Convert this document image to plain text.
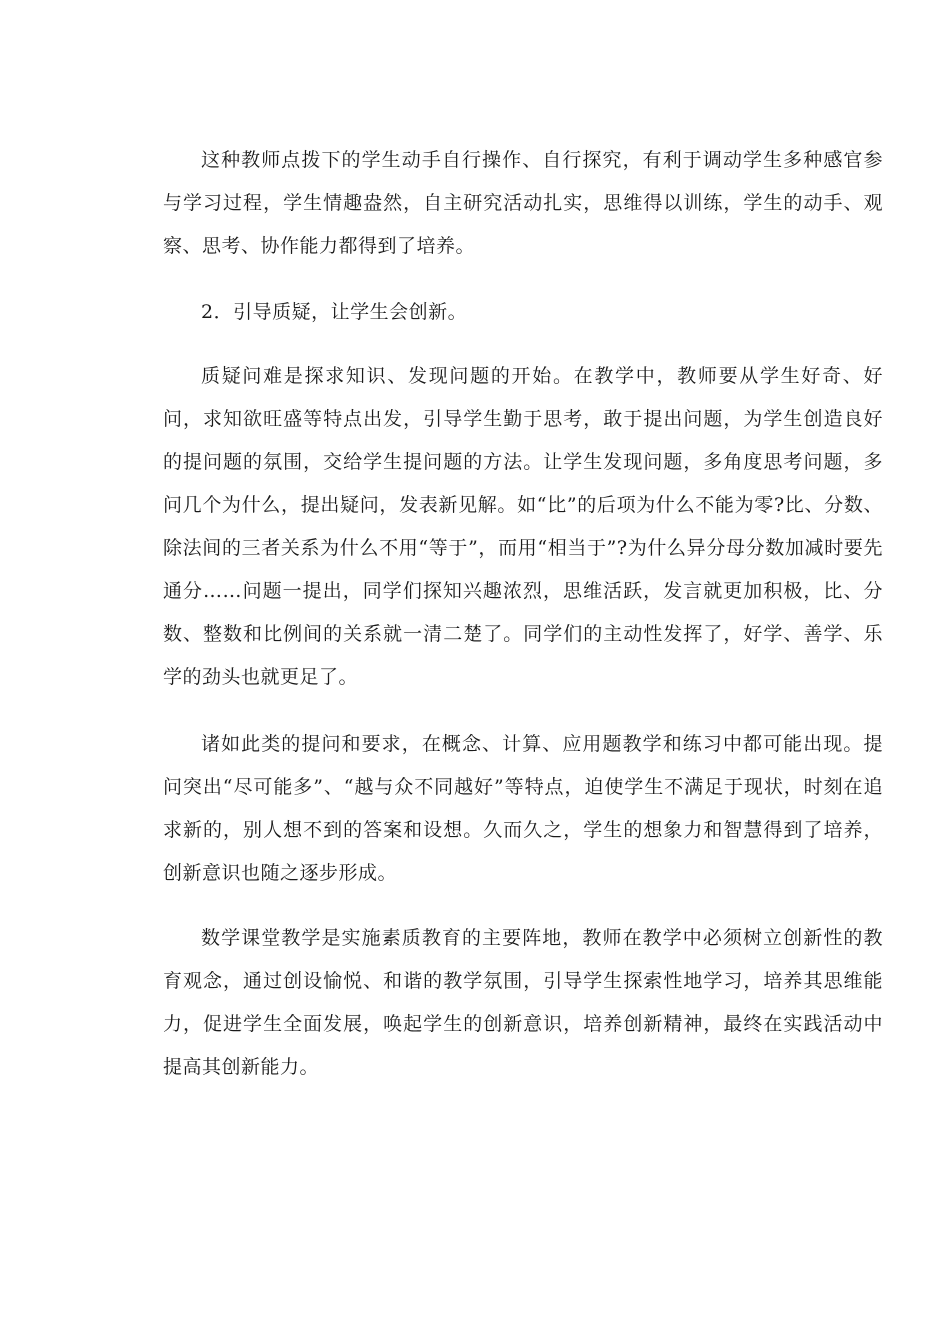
这种教师点拨下的学生动手自行操作、自行探究，有利于调动学生多种感官参与学习过程，学生情趣盎然，自主研究活动扎实，思维得以训练，学生的动手、观察、思考、协作能力都得到了培养。

2．引导质疑，让学生会创新。

质疑问难是探求知识、发现问题的开始。在教学中，教师要从学生好奇、好问，求知欲旺盛等特点出发，引导学生勤于思考，敢于提出问题，为学生创造良好的提问题的氛围，交给学生提问题的方法。让学生发现问题，多角度思考问题，多问几个为什么，提出疑问，发表新见解。如“比”的后项为什么不能为零?比、分数、除法间的三者关系为什么不用“等于”，而用“相当于”?为什么异分母分数加减时要先通分……问题一提出，同学们探知兴趣浓烈，思维活跃，发言就更加积极，比、分数、整数和比例间的关系就一清二楚了。同学们的主动性发挥了，好学、善学、乐学的劲头也就更足了。

诸如此类的提问和要求，在概念、计算、应用题教学和练习中都可能出现。提问突出“尽可能多”、“越与众不同越好”等特点，迫使学生不满足于现状，时刻在追求新的，别人想不到的答案和设想。久而久之，学生的想象力和智慧得到了培养，创新意识也随之逐步形成。

数学课堂教学是实施素质教育的主要阵地，教师在教学中必须树立创新性的教育观念，通过创设愉悦、和谐的教学氛围，引导学生探索性地学习，培养其思维能力，促进学生全面发展，唤起学生的创新意识，培养创新精神，最终在实践活动中提高其创新能力。
